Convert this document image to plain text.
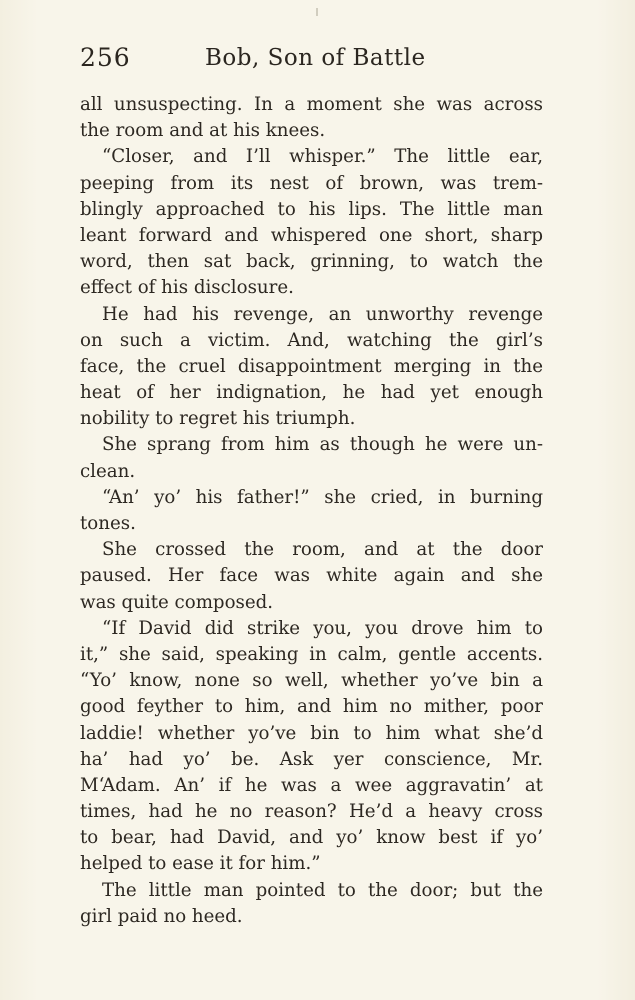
256	Bob, Son of Battle
all unsuspecting. In a moment she was across
the room and at his knees.
“Closer, and I’ll whisper.” The little ear,
peeping from its nest of brown, was trem-
blingly approached to his lips. The little man
leant forward and whispered one short, sharp
word, then sat back, grinning, to watch the
effect of his disclosure.
He had his revenge, an unworthy revenge
on such a victim. And, watching the girl’s
face, the cruel disappointment merging in the
heat of her indignation, he had yet enough
nobility to regret his triumph.
She sprang from him as though he were un-
clean.
“An’ yo’ his father!” she cried, in burning
tones.
She crossed the room, and at the door
paused. Her face was white again and she
was quite composed.
“If David did strike you, you drove him to
it,” she said, speaking in calm, gentle accents.
“Yo’ know, none so well, whether yo’ve bin a
good feyther to him, and him no mither, poor
laddie! whether yo’ve bin to him what she’d
ha’ had yo’ be. Ask yer conscience, Mr.
M‘Adam. An’ if he was a wee aggravatin’ at
times, had he no reason? He’d a heavy cross
to bear, had David, and yo’ know best if yo’
helped to ease it for him.”
The little man pointed to the door; but the
girl paid no heed.
